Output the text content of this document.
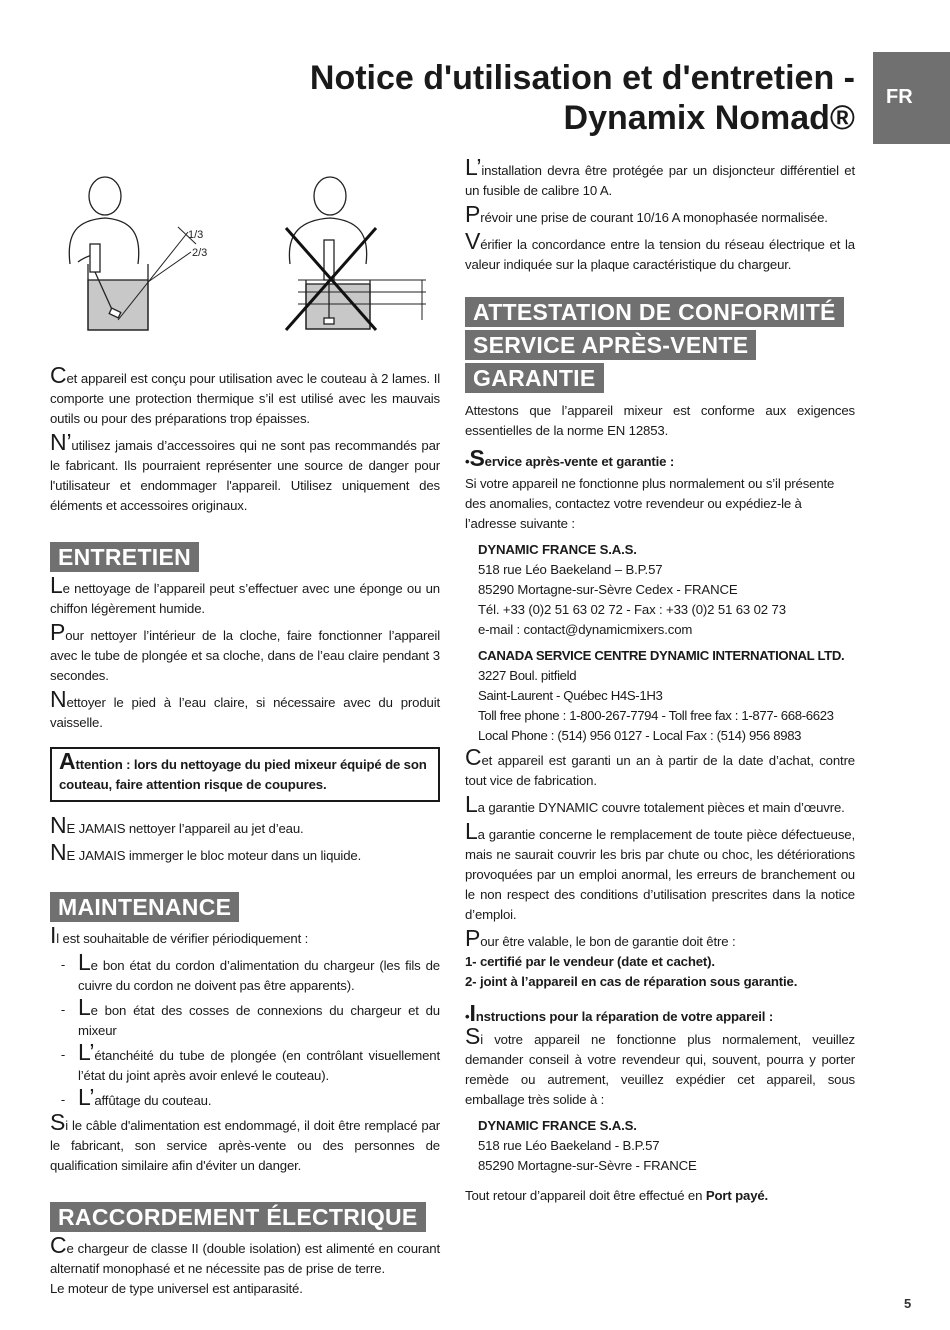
Notice d'utilisation et d'entretien -
Dynamix Nomad®
FR
1/3
2/3

Cet appareil est conçu pour utilisation avec le couteau à 2 lames. Il comporte une protection thermique s’il est utilisé avec les mauvais outils ou pour des préparations trop épaisses.

N’utilisez jamais d’accessoires qui ne sont pas recommandés par le fabricant. Ils pourraient représenter une source de danger pour l'utilisateur et endommager l'appareil. Utilisez uniquement des éléments et accessoires originaux.

ENTRETIEN

Le nettoyage de l’appareil peut s’effectuer avec une éponge ou un chiffon légèrement humide.

Pour nettoyer l’intérieur de la cloche, faire fonctionner l’appareil avec le tube de plongée et sa cloche, dans de l’eau claire pendant 3 secondes.

Nettoyer le pied à l’eau claire, si nécessaire avec du produit vaisselle.

Attention : lors du nettoyage du pied mixeur équipé de son couteau, faire attention risque de coupures.

NE JAMAIS nettoyer l’appareil au jet d’eau.

NE JAMAIS immerger le bloc moteur dans un liquide.

MAINTENANCE

Il est souhaitable de vérifier périodiquement :

- Le bon état du cordon d’alimentation du chargeur (les fils de cuivre du cordon ne doivent pas être apparents).
- Le bon état des cosses de connexions du chargeur et du mixeur
- L’étanchéité du tube de plongée (en contrôlant visuellement l’état du joint après avoir enlevé le couteau).
- L’affûtage du couteau.

Si le câble d'alimentation est endommagé, il doit être remplacé par le fabricant, son service après-vente ou des personnes de qualification similaire afin d'éviter un danger.

RACCORDEMENT ÉLECTRIQUE

Ce chargeur de classe II (double isolation) est alimenté en courant alternatif monophasé et ne nécessite pas de prise de terre.
Le moteur de type universel est antiparasité.

L’installation devra être protégée par un disjoncteur différentiel et un fusible de calibre 10 A.

Prévoir une prise de courant 10/16 A monophasée normalisée.

Vérifier la concordance entre la tension du réseau électrique et la valeur indiquée sur la plaque caractéristique du chargeur.

ATTESTATION DE CONFORMITÉ
SERVICE APRÈS-VENTE
GARANTIE

Attestons que l’appareil mixeur est conforme aux exigences essentielles de la norme EN 12853.

•Service après-vente et garantie :

Si votre appareil ne fonctionne plus normalement ou s’il présente des anomalies, contactez votre revendeur ou expédiez-le à l’adresse suivante :

DYNAMIC FRANCE S.A.S.
518 rue Léo Baekeland – B.P.57
85290 Mortagne-sur-Sèvre Cedex - FRANCE
Tél. +33 (0)2 51 63 02 72 - Fax : +33 (0)2 51 63 02 73
e-mail : contact@dynamicmixers.com
CANADA SERVICE CENTRE DYNAMIC INTERNATIONAL LTD.
3227 Boul. pitfield
Saint-Laurent - Québec H4S-1H3
Toll free phone : 1-800-267-7794 - Toll free fax : 1-877- 668-6623
Local Phone : (514) 956 0127 - Local Fax : (514) 956 8983

Cet appareil est garanti un an à partir de la date d’achat, contre tout vice de fabrication.

La garantie DYNAMIC couvre totalement pièces et main d’œuvre.

La garantie concerne le remplacement de toute pièce défectueuse, mais ne saurait couvrir les bris par chute ou choc, les détériorations provoquées par un emploi anormal, les erreurs de branchement ou le non respect des conditions d’utilisation prescrites dans la notice d’emploi.

Pour être valable, le bon de garantie doit être :
1- certifié par le vendeur (date et cachet).
2- joint à l’appareil en cas de réparation sous garantie.

•Instructions pour la réparation de votre appareil :

Si votre appareil ne fonctionne plus normalement, veuillez demander conseil à votre revendeur qui, souvent, pourra y porter remède ou autrement, veuillez expédier cet appareil, sous emballage très solide à :

DYNAMIC FRANCE S.A.S.
518 rue Léo Baekeland - B.P.57
85290 Mortagne-sur-Sèvre - FRANCE

Tout retour d’appareil doit être effectué en Port payé.

5
